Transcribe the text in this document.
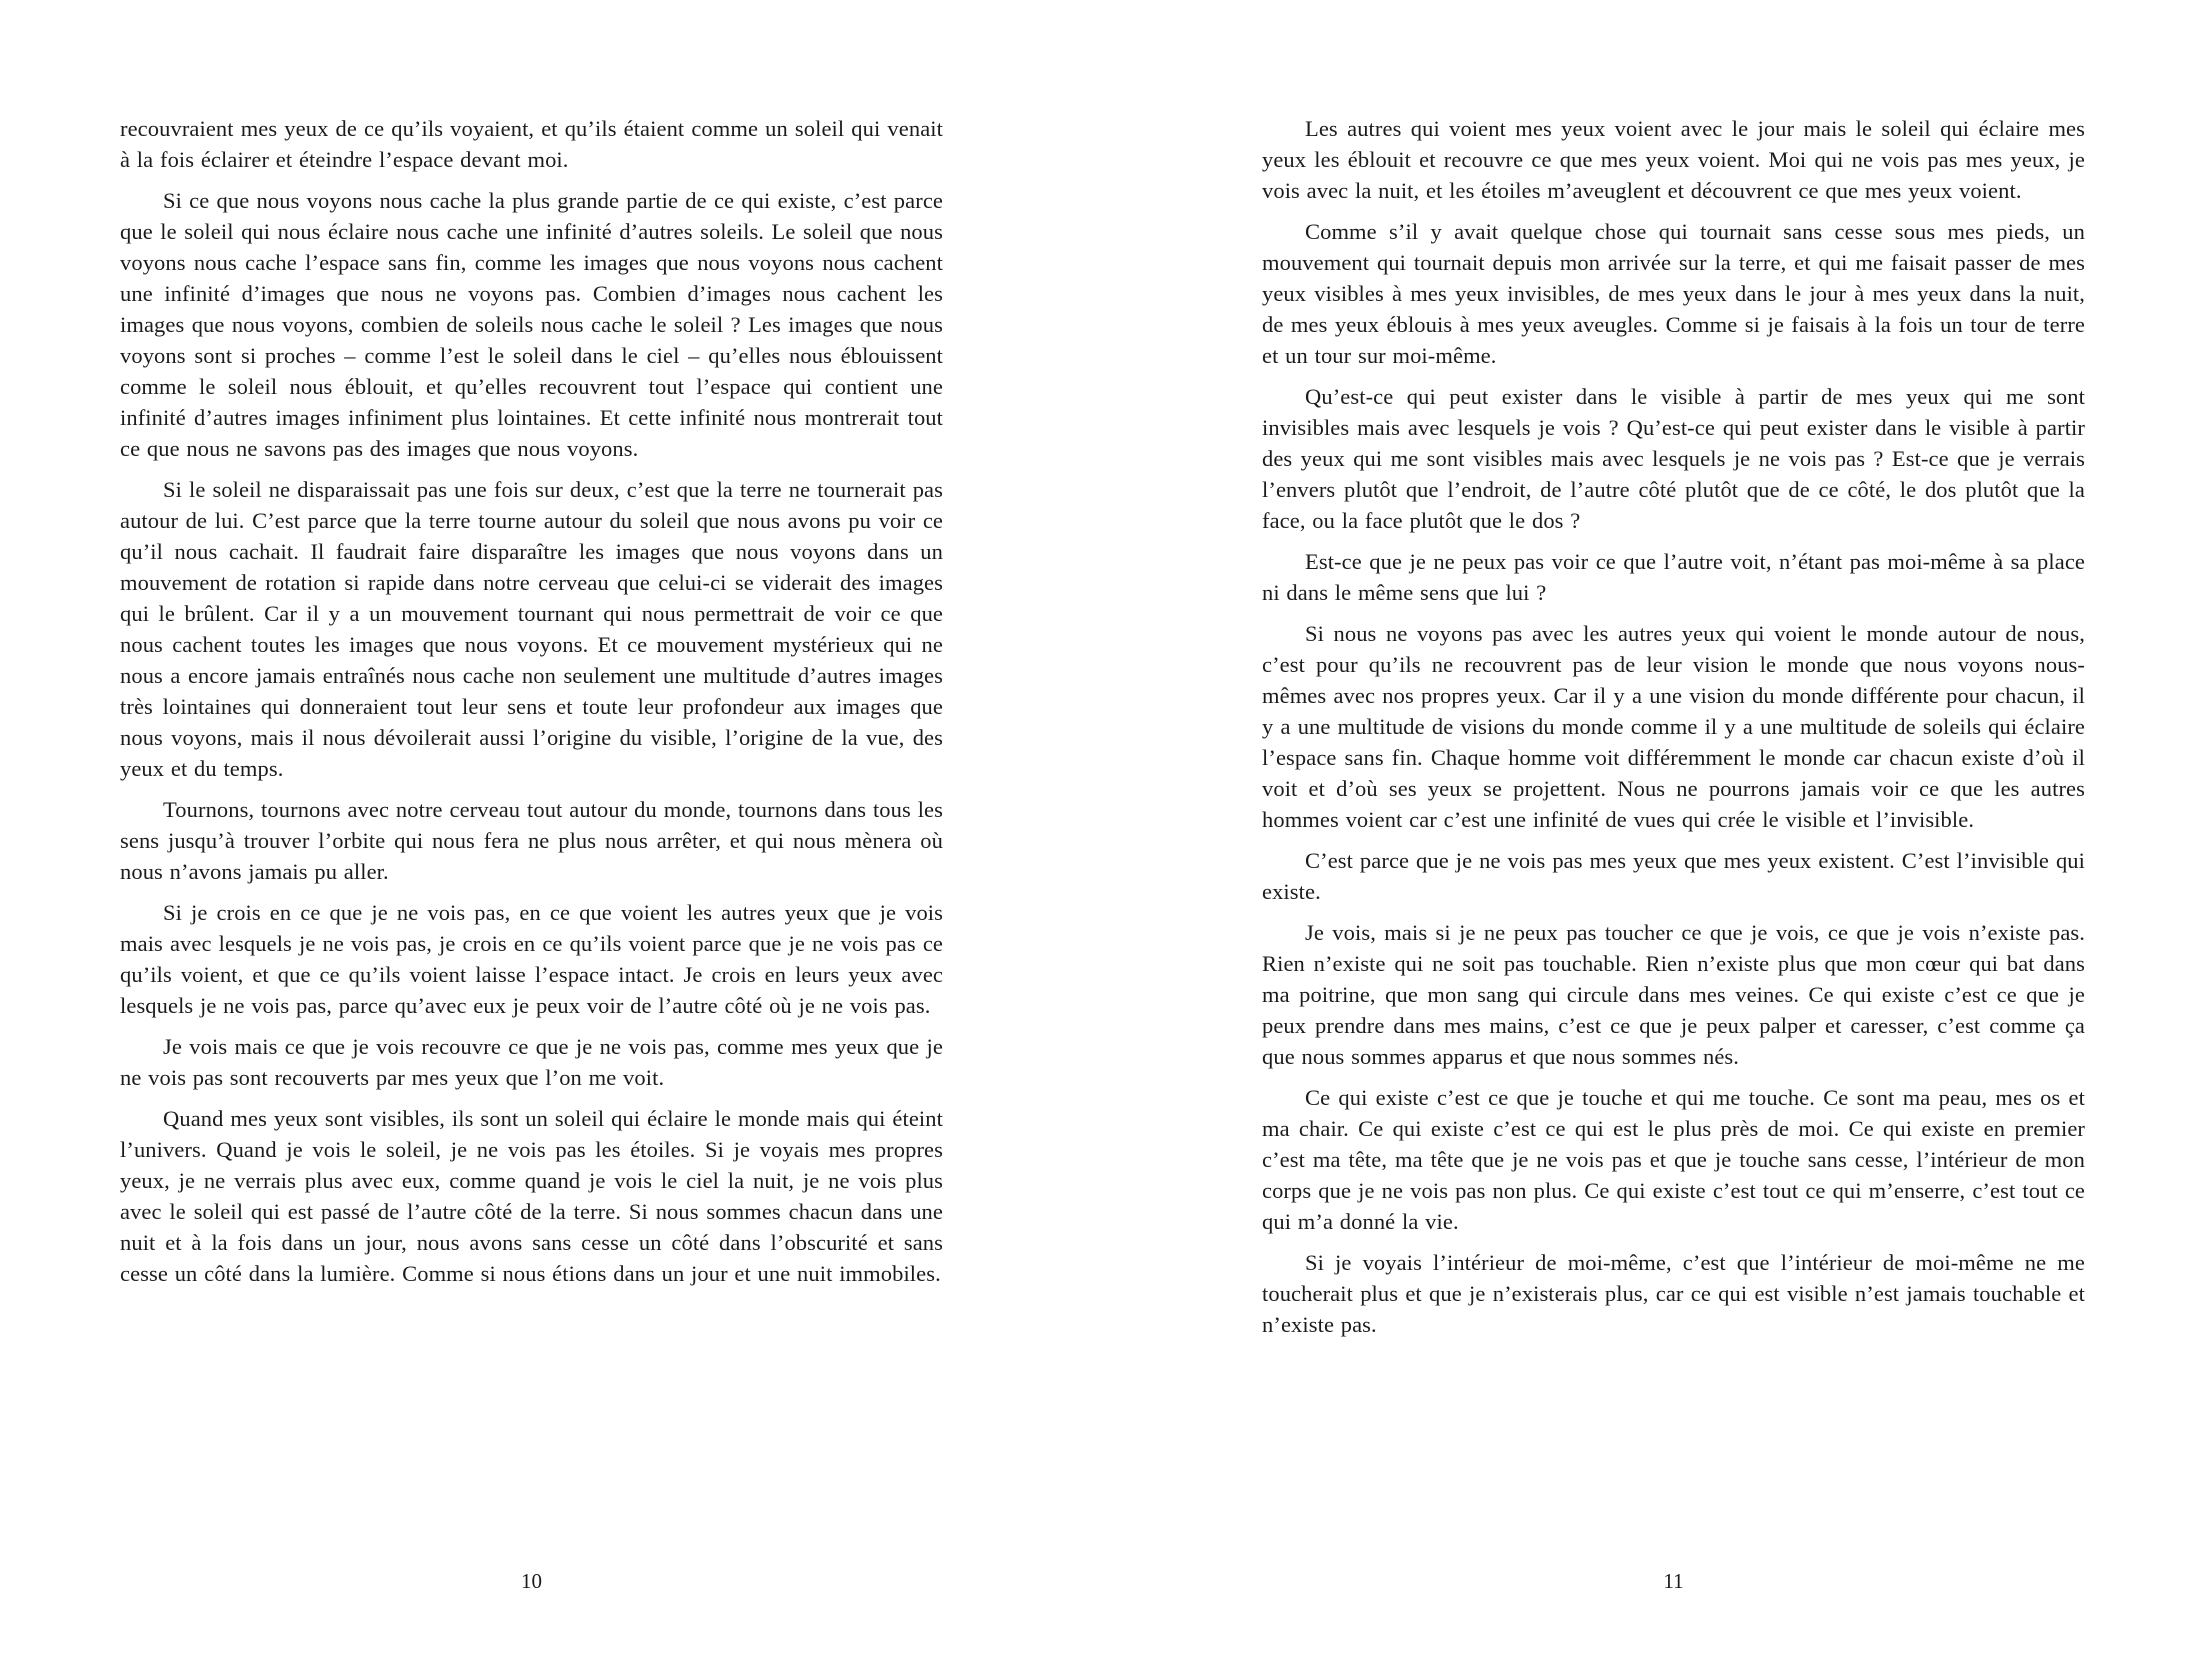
recouvraient mes yeux de ce qu’ils voyaient, et qu’ils étaient comme un soleil qui venait à la fois éclairer et éteindre l’espace devant moi.

Si ce que nous voyons nous cache la plus grande partie de ce qui existe, c’est parce que le soleil qui nous éclaire nous cache une infinité d’autres soleils. Le soleil que nous voyons nous cache l’espace sans fin, comme les images que nous voyons nous cachent une infinité d’images que nous ne voyons pas. Combien d’images nous cachent les images que nous voyons, combien de soleils nous cache le soleil ? Les images que nous voyons sont si proches – comme l’est le soleil dans le ciel – qu’elles nous éblouissent comme le soleil nous éblouit, et qu’elles recouvrent tout l’espace qui contient une infinité d’autres images infiniment plus lointaines. Et cette infinité nous montrerait tout ce que nous ne savons pas des images que nous voyons.

Si le soleil ne disparaissait pas une fois sur deux, c’est que la terre ne tournerait pas autour de lui. C’est parce que la terre tourne autour du soleil que nous avons pu voir ce qu’il nous cachait. Il faudrait faire disparaître les images que nous voyons dans un mouvement de rotation si rapide dans notre cerveau que celui-ci se viderait des images qui le brûlent. Car il y a un mouvement tournant qui nous permettrait de voir ce que nous cachent toutes les images que nous voyons. Et ce mouvement mystérieux qui ne nous a encore jamais entraînés nous cache non seulement une multitude d’autres images très lointaines qui donneraient tout leur sens et toute leur profondeur aux images que nous voyons, mais il nous dévoilerait aussi l’origine du visible, l’origine de la vue, des yeux et du temps.

Tournons, tournons avec notre cerveau tout autour du monde, tournons dans tous les sens jusqu’à trouver l’orbite qui nous fera ne plus nous arrêter, et qui nous mènera où nous n’avons jamais pu aller.

Si je crois en ce que je ne vois pas, en ce que voient les autres yeux que je vois mais avec lesquels je ne vois pas, je crois en ce qu’ils voient parce que je ne vois pas ce qu’ils voient, et que ce qu’ils voient laisse l’espace intact. Je crois en leurs yeux avec lesquels je ne vois pas, parce qu’avec eux je peux voir de l’autre côté où je ne vois pas.

Je vois mais ce que je vois recouvre ce que je ne vois pas, comme mes yeux que je ne vois pas sont recouverts par mes yeux que l’on me voit.

Quand mes yeux sont visibles, ils sont un soleil qui éclaire le monde mais qui éteint l’univers. Quand je vois le soleil, je ne vois pas les étoiles. Si je voyais mes propres yeux, je ne verrais plus avec eux, comme quand je vois le ciel la nuit, je ne vois plus avec le soleil qui est passé de l’autre côté de la terre. Si nous sommes chacun dans une nuit et à la fois dans un jour, nous avons sans cesse un côté dans l’obscurité et sans cesse un côté dans la lumière. Comme si nous étions dans un jour et une nuit immobiles.

Les autres qui voient mes yeux voient avec le jour mais le soleil qui éclaire mes yeux les éblouit et recouvre ce que mes yeux voient. Moi qui ne vois pas mes yeux, je vois avec la nuit, et les étoiles m’aveuglent et découvrent ce que mes yeux voient.

Comme s’il y avait quelque chose qui tournait sans cesse sous mes pieds, un mouvement qui tournait depuis mon arrivée sur la terre, et qui me faisait passer de mes yeux visibles à mes yeux invisibles, de mes yeux dans le jour à mes yeux dans la nuit, de mes yeux éblouis à mes yeux aveugles. Comme si je faisais à la fois un tour de terre et un tour sur moi-même.

Qu’est-ce qui peut exister dans le visible à partir de mes yeux qui me sont invisibles mais avec lesquels je vois ? Qu’est-ce qui peut exister dans le visible à partir des yeux qui me sont visibles mais avec lesquels je ne vois pas ? Est-ce que je verrais l’envers plutôt que l’endroit, de l’autre côté plutôt que de ce côté, le dos plutôt que la face, ou la face plutôt que le dos ?

Est-ce que je ne peux pas voir ce que l’autre voit, n’étant pas moi-même à sa place ni dans le même sens que lui ?

Si nous ne voyons pas avec les autres yeux qui voient le monde autour de nous, c’est pour qu’ils ne recouvrent pas de leur vision le monde que nous voyons nous-mêmes avec nos propres yeux. Car il y a une vision du monde différente pour chacun, il y a une multitude de visions du monde comme il y a une multitude de soleils qui éclaire l’espace sans fin. Chaque homme voit différemment le monde car chacun existe d’où il voit et d’où ses yeux se projettent. Nous ne pourrons jamais voir ce que les autres hommes voient car c’est une infinité de vues qui crée le visible et l’invisible.

C’est parce que je ne vois pas mes yeux que mes yeux existent. C’est l’invisible qui existe.

Je vois, mais si je ne peux pas toucher ce que je vois, ce que je vois n’existe pas. Rien n’existe qui ne soit pas touchable. Rien n’existe plus que mon cœur qui bat dans ma poitrine, que mon sang qui circule dans mes veines. Ce qui existe c’est ce que je peux prendre dans mes mains, c’est ce que je peux palper et caresser, c’est comme ça que nous sommes apparus et que nous sommes nés.

Ce qui existe c’est ce que je touche et qui me touche. Ce sont ma peau, mes os et ma chair. Ce qui existe c’est ce qui est le plus près de moi. Ce qui existe en premier c’est ma tête, ma tête que je ne vois pas et que je touche sans cesse, l’intérieur de mon corps que je ne vois pas non plus. Ce qui existe c’est tout ce qui m’enserre, c’est tout ce qui m’a donné la vie.

Si je voyais l’intérieur de moi-même, c’est que l’intérieur de moi-même ne me toucherait plus et que je n’existerais plus, car ce qui est visible n’est jamais touchable et n’existe pas.

10	11
